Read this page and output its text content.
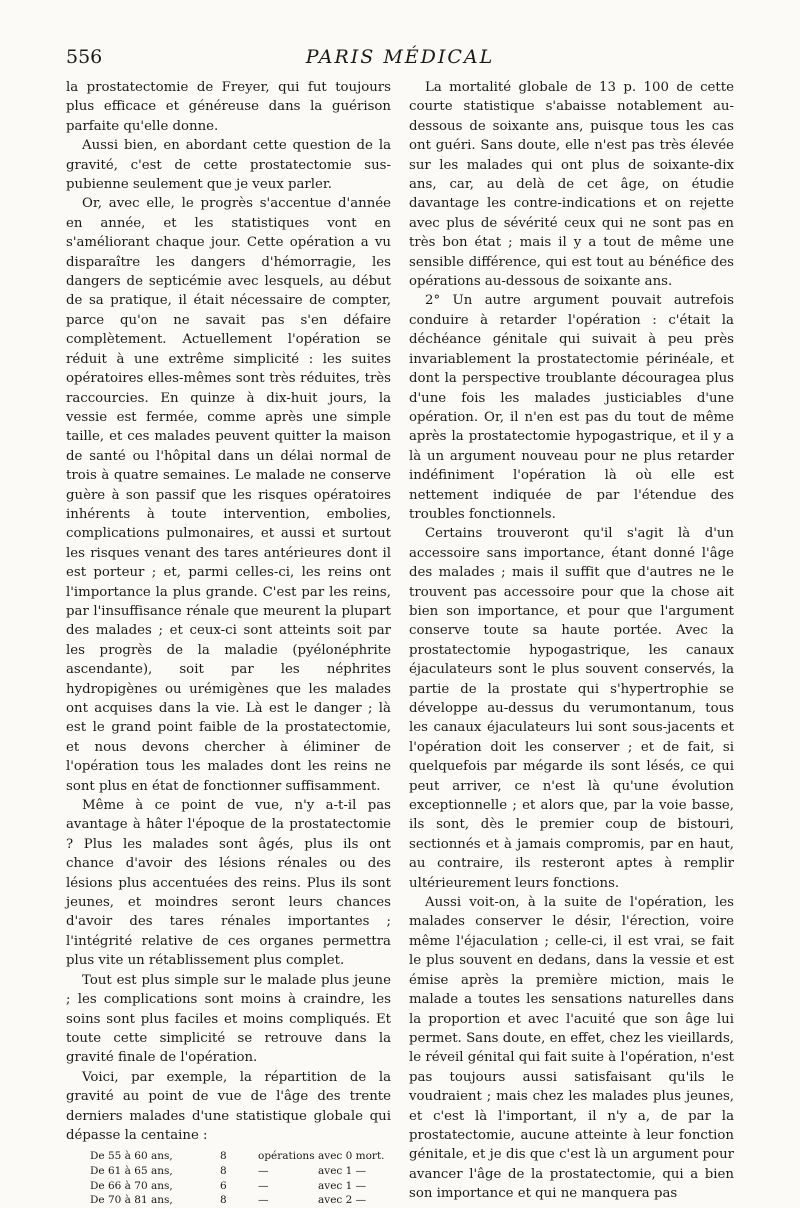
556	PARIS MÉDICAL

la prostatectomie de Freyer, qui fut toujours plus efficace et généreuse dans la guérison parfaite qu'elle donne.

Aussi bien, en abordant cette question de la gravité, c'est de cette prostatectomie sus-pubienne seulement que je veux parler.

Or, avec elle, le progrès s'accentue d'année en année, et les statistiques vont en s'améliorant chaque jour. Cette opération a vu disparaître les dangers d'hémorragie, les dangers de septicémie avec lesquels, au début de sa pratique, il était nécessaire de compter, parce qu'on ne savait pas s'en défaire complètement. Actuellement l'opération se réduit à une extrême simplicité : les suites opératoires elles-mêmes sont très réduites, très raccourcies. En quinze à dix-huit jours, la vessie est fermée, comme après une simple taille, et ces malades peuvent quitter la maison de santé ou l'hôpital dans un délai normal de trois à quatre semaines. Le malade ne conserve guère à son passif que les risques opératoires inhérents à toute intervention, embolies, complications pulmonaires, et aussi et surtout les risques venant des tares antérieures dont il est porteur ; et, parmi celles-ci, les reins ont l'importance la plus grande. C'est par les reins, par l'insuffisance rénale que meurent la plupart des malades ; et ceux-ci sont atteints soit par les progrès de la maladie (pyélonéphrite ascendante), soit par les néphrites hydropigènes ou urémigènes que les malades ont acquises dans la vie. Là est le danger ; là est le grand point faible de la prostatectomie, et nous devons chercher à éliminer de l'opération tous les malades dont les reins ne sont plus en état de fonctionner suffisamment.

Même à ce point de vue, n'y a-t-il pas avantage à hâter l'époque de la prostatectomie ? Plus les malades sont âgés, plus ils ont chance d'avoir des lésions rénales ou des lésions plus accentuées des reins. Plus ils sont jeunes, et moindres seront leurs chances d'avoir des tares rénales importantes ; l'intégrité relative de ces organes permettra plus vite un rétablissement plus complet.

Tout est plus simple sur le malade plus jeune ; les complications sont moins à craindre, les soins sont plus faciles et moins compliqués. Et toute cette simplicité se retrouve dans la gravité finale de l'opération.

Voici, par exemple, la répartition de la gravité au point de vue de l'âge des trente derniers malades d'une statistique globale qui dépasse la centaine :

De 55 à 60 ans,	8	opérations avec 0 mort.
De 61 à 65 ans,	8	—	avec 1 —
De 66 à 70 ans,	6	—	avec 1 —
De 70 à 81 ans,	8	—	avec 2 —

La mortalité globale de 13 p. 100 de cette courte statistique s'abaisse notablement au-dessous de soixante ans, puisque tous les cas ont guéri. Sans doute, elle n'est pas très élevée sur les malades qui ont plus de soixante-dix ans, car, au delà de cet âge, on étudie davantage les contre-indications et on rejette avec plus de sévérité ceux qui ne sont pas en très bon état ; mais il y a tout de même une sensible différence, qui est tout au bénéfice des opérations au-dessous de soixante ans.

2° Un autre argument pouvait autrefois conduire à retarder l'opération : c'était la déchéance génitale qui suivait à peu près invariablement la prostatectomie périnéale, et dont la perspective troublante découragea plus d'une fois les malades justiciables d'une opération. Or, il n'en est pas du tout de même après la prostatectomie hypogastrique, et il y a là un argument nouveau pour ne plus retarder indéfiniment l'opération là où elle est nettement indiquée de par l'étendue des troubles fonctionnels.

Certains trouveront qu'il s'agit là d'un accessoire sans importance, étant donné l'âge des malades ; mais il suffit que d'autres ne le trouvent pas accessoire pour que la chose ait bien son importance, et pour que l'argument conserve toute sa haute portée. Avec la prostatectomie hypogastrique, les canaux éjaculateurs sont le plus souvent conservés, la partie de la prostate qui s'hypertrophie se développe au-dessus du verumontanum, tous les canaux éjaculateurs lui sont sous-jacents et l'opération doit les conserver ; et de fait, si quelquefois par mégarde ils sont lésés, ce qui peut arriver, ce n'est là qu'une évolution exceptionnelle ; et alors que, par la voie basse, ils sont, dès le premier coup de bistouri, sectionnés et à jamais compromis, par en haut, au contraire, ils resteront aptes à remplir ultérieurement leurs fonctions.

Aussi voit-on, à la suite de l'opération, les malades conserver le désir, l'érection, voire même l'éjaculation ; celle-ci, il est vrai, se fait le plus souvent en dedans, dans la vessie et est émise après la première miction, mais le malade a toutes les sensations naturelles dans la proportion et avec l'acuité que son âge lui permet. Sans doute, en effet, chez les vieillards, le réveil génital qui fait suite à l'opération, n'est pas toujours aussi satisfaisant qu'ils le voudraient ; mais chez les malades plus jeunes, et c'est là l'important, il n'y a, de par la prostatectomie, aucune atteinte à leur fonction génitale, et je dis que c'est là un argument pour avancer l'âge de la prostatectomie, qui a bien son importance et qui ne manquera pas
